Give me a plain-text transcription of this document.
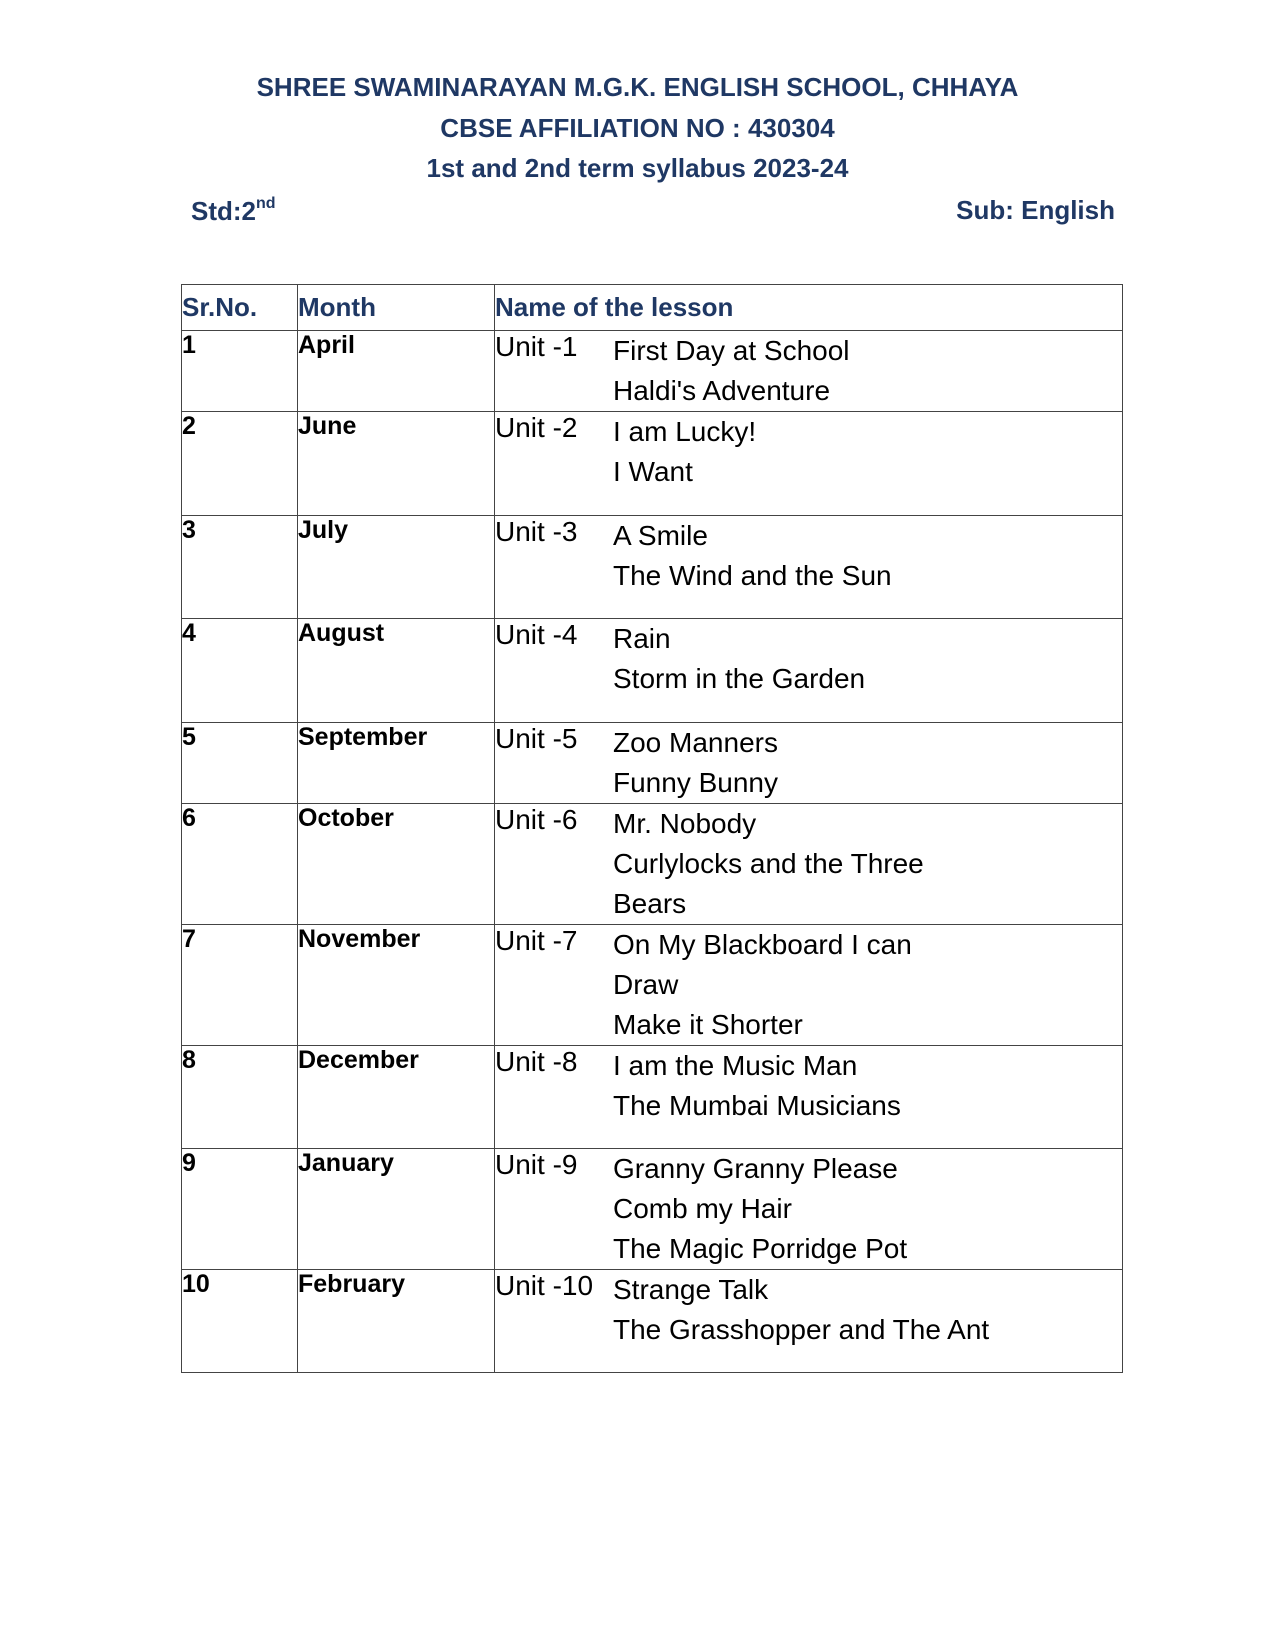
SHREE SWAMINARAYAN M.G.K. ENGLISH SCHOOL, CHHAYA
CBSE AFFILIATION NO : 430304
1st and 2nd term syllabus 2023-24
Std:2nd	Sub: English
Sr.No.	Month	Name of the lesson
1	April	Unit -1 First Day at School
Haldi's Adventure

2	June	Unit -2 I am Lucky!
I Want

3	July	Unit -3 A Smile
The Wind and the Sun

4	August	Unit -4 Rain
Storm in the Garden

5	September	Unit -5 Zoo Manners
Funny Bunny

6	October	Unit -6 Mr. Nobody
Curlylocks and the Three
Bears

7	November	Unit -7 On My Blackboard I can
Draw
Make it Shorter

8	December	Unit -8 I am the Music Man
The Mumbai Musicians

9	January	Unit -9 Granny Granny Please
Comb my Hair
The Magic Porridge Pot

10	February	Unit -10 Strange Talk
The Grasshopper and The Ant
